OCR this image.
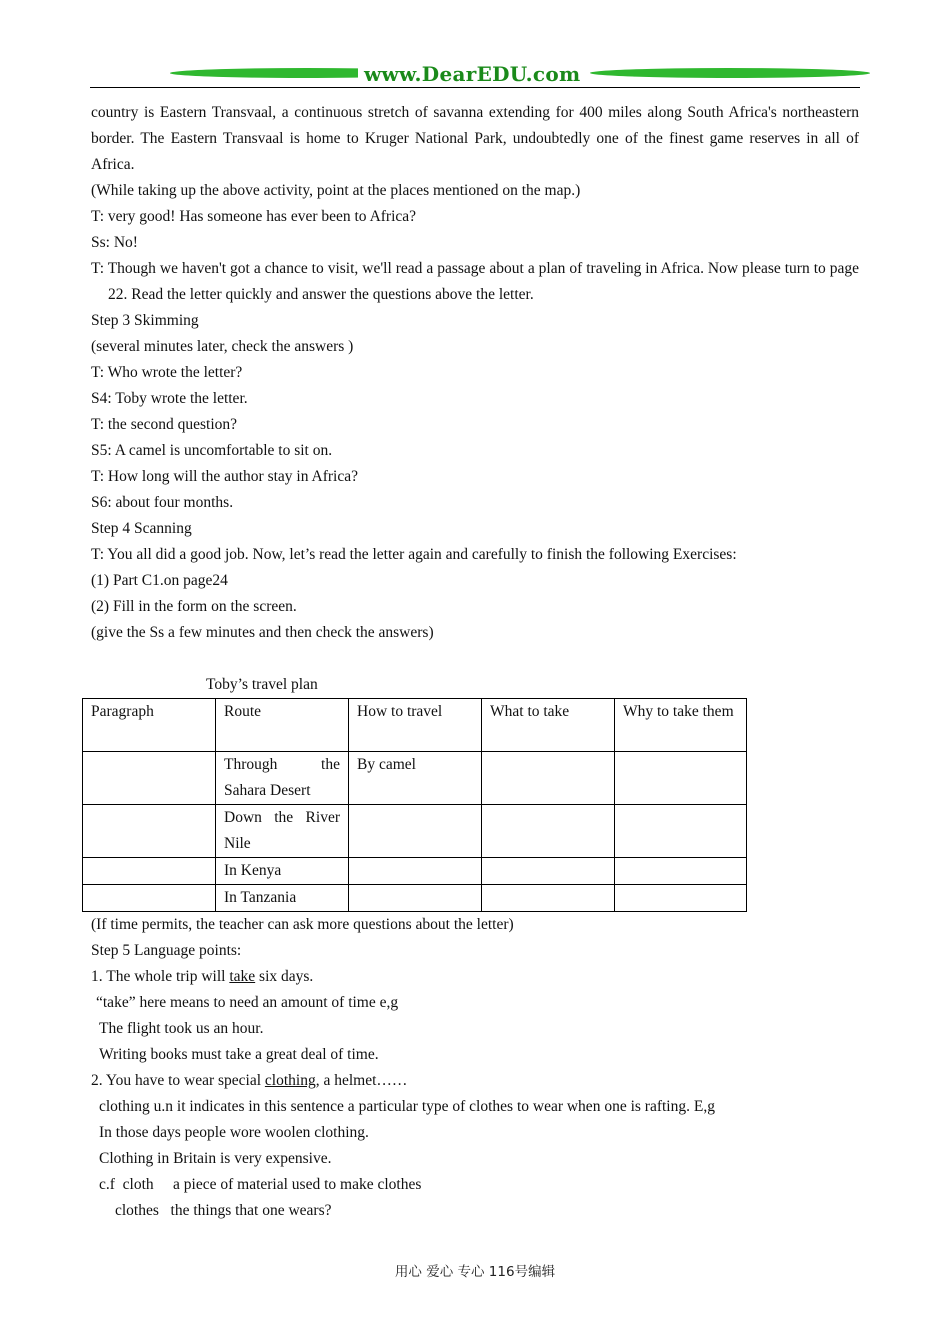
www.DearEDU.com

country is Eastern Transvaal, a continuous stretch of savanna extending for 400 miles along South Africa's northeastern border. The Eastern Transvaal is home to Kruger National Park, undoubtedly one of the finest game reserves in all of Africa.

(While taking up the above activity, point at the places mentioned on the map.)

T: very good! Has someone has ever been to Africa?

Ss: No!

T: Though we haven't got a chance to visit, we'll read a passage about a plan of traveling in Africa. Now please turn to page 22. Read the letter quickly and answer the questions above the letter.

Step 3 Skimming

(several minutes later, check the answers )

T: Who wrote the letter?

S4: Toby wrote the letter.

T: the second question?

S5: A camel is uncomfortable to sit on.

T: How long will the author stay in Africa?

S6: about four months.

Step 4 Scanning

T: You all did a good job. Now, let’s read the letter again and carefully to finish the following Exercises:

(1) Part C1.on page24

(2) Fill in the form on the screen.

(give the Ss a few minutes and then check the answers)

Toby’s travel plan
Paragraph	Route	How to travel	What to take	Why to take them
	Through the Sahara Desert	By camel		
	Down the River Nile			
	In Kenya			
	In Tanzania			

(If time permits, the teacher can ask more questions about the letter)

Step 5 Language points:

1. The whole trip will take six days.

“take” here means to need an amount of time e,g

The flight took us an hour.

Writing books must take a great deal of time.

2. You have to wear special clothing, a helmet……

clothing u.n it indicates in this sentence a particular type of clothes to wear when one is rafting. E,g

In those days people wore woolen clothing.

Clothing in Britain is very expensive.

c.f  cloth     a piece of material used to make clothes

clothes   the things that one wears?

用心 爱心 专心 116号编辑
